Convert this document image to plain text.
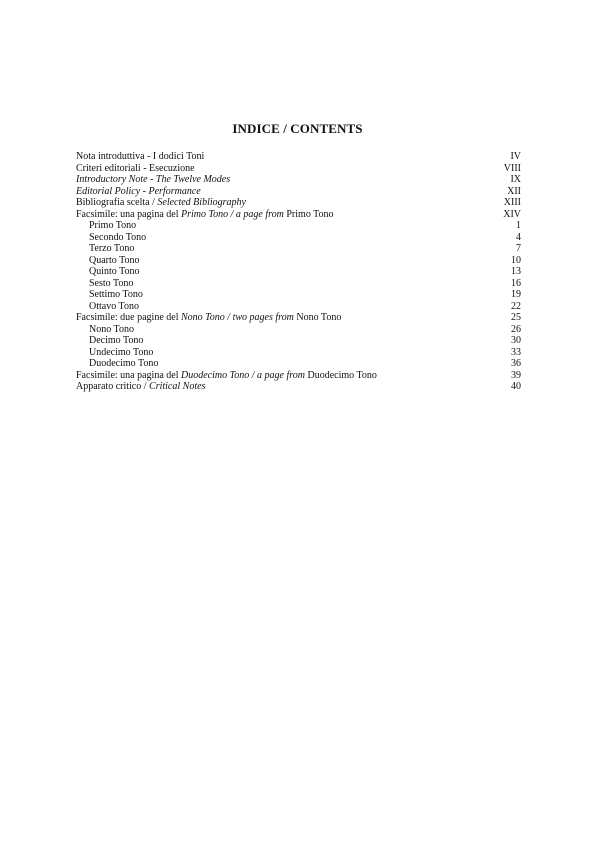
INDICE / CONTENTS
Nota introduttiva - I dodici Toni	IV
Criteri editoriali - Esecuzione	VIII
Introductory Note - The Twelve Modes	IX
Editorial Policy - Performance	XII
Bibliografia scelta / Selected Bibliography	XIII
Facsimile: una pagina del Primo Tono / a page from Primo Tono	XIV
Primo Tono	1
Secondo Tono	4
Terzo Tono	7
Quarto Tono	10
Quinto Tono	13
Sesto Tono	16
Settimo Tono	19
Ottavo Tono	22
Facsimile: due pagine del Nono Tono / two pages from Nono Tono	25
Nono Tono	26
Decimo Tono	30
Undecimo Tono	33
Duodecimo Tono	36
Facsimile: una pagina del Duodecimo Tono / a page from Duodecimo Tono	39
Apparato critico / Critical Notes	40
